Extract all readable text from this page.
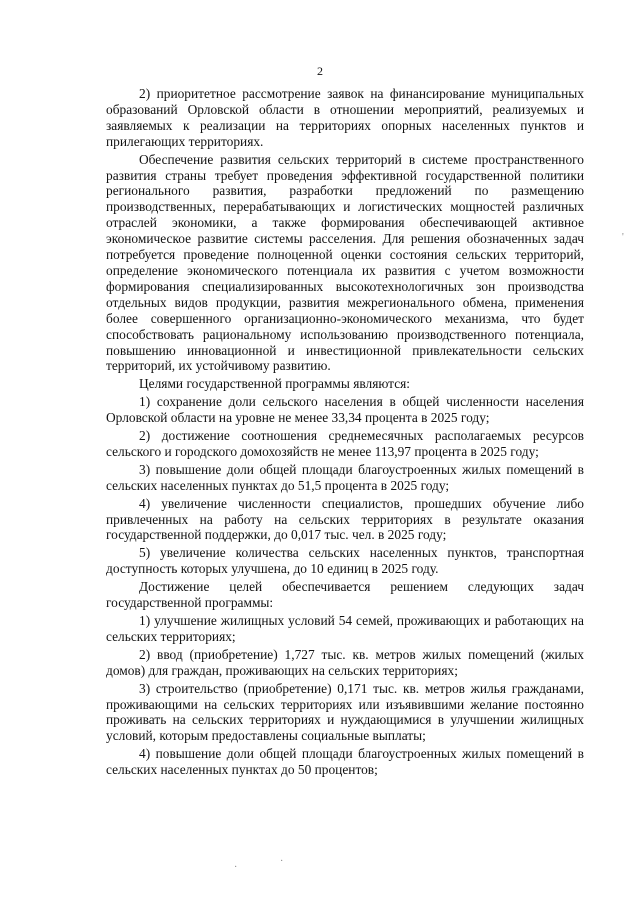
2

2) приоритетное рассмотрение заявок на финансирование муниципальных образований Орловской области в отношении мероприятий, реализуемых и заявляемых к реализации на территориях опорных населенных пунктов и прилегающих территориях.

Обеспечение развития сельских территорий в системе пространственного развития страны требует проведения эффективной государственной политики регионального развития, разработки предложений по размещению производственных, перерабатывающих и логистических мощностей различных отраслей экономики, а также формирования обеспечивающей активное экономическое развитие системы расселения. Для решения обозначенных задач потребуется проведение полноценной оценки состояния сельских территорий, определение экономического потенциала их развития с учетом возможности формирования специализированных высокотехнологичных зон производства отдельных видов продукции, развития межрегионального обмена, применения более совершенного организационно-экономического механизма, что будет способствовать рациональному использованию производственного потенциала, повышению инновационной и инвестиционной привлекательности сельских территорий, их устойчивому развитию.

Целями государственной программы являются:

1) сохранение доли сельского населения в общей численности населения Орловской области на уровне не менее 33,34 процента в 2025 году;

2) достижение соотношения среднемесячных располагаемых ресурсов сельского и городского домохозяйств не менее 113,97 процента в 2025 году;

3) повышение доли общей площади благоустроенных жилых помещений в сельских населенных пунктах до 51,5 процента в 2025 году;

4) увеличение численности специалистов, прошедших обучение либо привлеченных на работу на сельских территориях в результате оказания государственной поддержки, до 0,017 тыс. чел. в 2025 году;

5) увеличение количества сельских населенных пунктов, транспортная доступность которых улучшена, до 10 единиц в 2025 году.

Достижение целей обеспечивается решением следующих задач государственной программы:

1) улучшение жилищных условий 54 семей, проживающих и работающих на сельских территориях;

2) ввод (приобретение) 1,727 тыс. кв. метров жилых помещений (жилых домов) для граждан, проживающих на сельских территориях;

3) строительство (приобретение) 0,171 тыс. кв. метров жилья гражданами, проживающими на сельских территориях или изъявившими желание постоянно проживать на сельских территориях и нуждающимися в улучшении жилищных условий, которым предоставлены социальные выплаты;

4) повышение доли общей площади благоустроенных жилых помещений в сельских населенных пунктах до 50 процентов;

'
·
·
